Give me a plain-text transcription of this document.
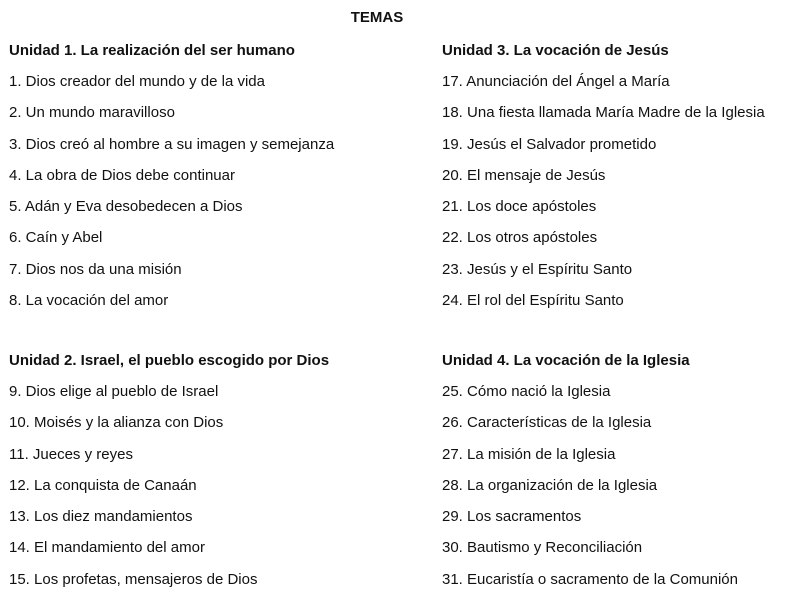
TEMAS
Unidad 1. La realización del ser humano
1. Dios creador del mundo y de la vida
2. Un mundo maravilloso
3. Dios creó al hombre a su imagen y semejanza
4. La obra de Dios debe continuar
5. Adán y Eva desobedecen a Dios
6. Caín y Abel
7. Dios nos da una misión
8. La vocación del amor
Unidad 2. Israel, el pueblo escogido por Dios
9. Dios elige al pueblo de Israel
10. Moisés y la alianza con Dios
11. Jueces y reyes
12. La conquista de Canaán
13. Los diez mandamientos
14. El mandamiento del amor
15. Los profetas, mensajeros de Dios
Unidad 3. La vocación de Jesús
17. Anunciación del Ángel a María
18. Una fiesta llamada María Madre de la Iglesia
19. Jesús el Salvador prometido
20. El mensaje de Jesús
21. Los doce apóstoles
22. Los otros apóstoles
23. Jesús y el Espíritu Santo
24. El rol del Espíritu Santo
Unidad 4. La vocación de la Iglesia
25. Cómo nació la Iglesia
26. Características de la Iglesia
27. La misión de la Iglesia
28. La organización de la Iglesia
29. Los sacramentos
30. Bautismo y Reconciliación
31. Eucaristía o sacramento de la Comunión
